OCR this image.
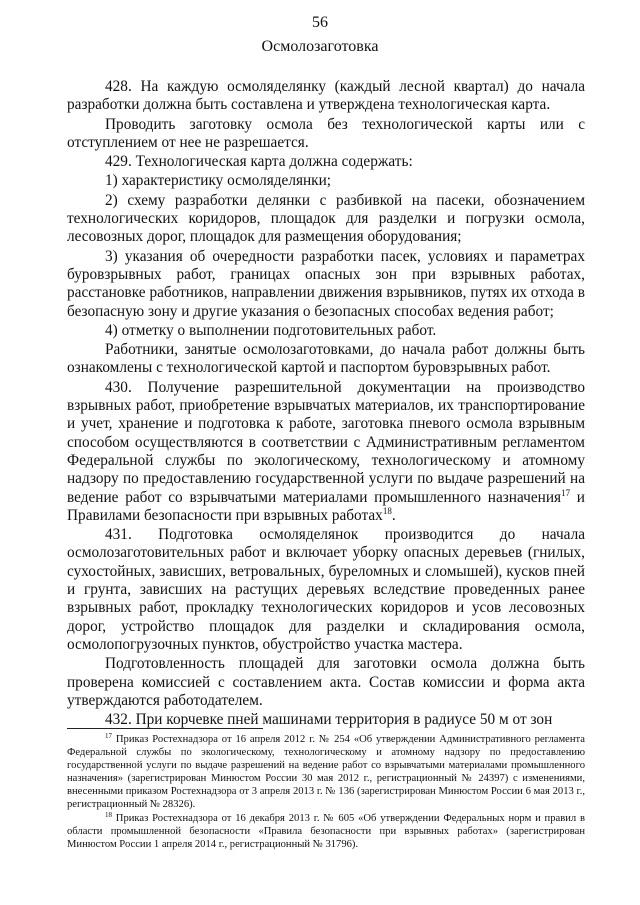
56
Осмолозаготовка

428. На каждую осмоляделянку (каждый лесной квартал) до начала разработки должна быть составлена и утверждена технологическая карта.

Проводить заготовку осмола без технологической карты или с отступлением от нее не разрешается.

429. Технологическая карта должна содержать:

1) характеристику осмоляделянки;

2) схему разработки делянки с разбивкой на пасеки, обозначением технологических коридоров, площадок для разделки и погрузки осмола, лесовозных дорог, площадок для размещения оборудования;

3) указания об очередности разработки пасек, условиях и параметрах буровзрывных работ, границах опасных зон при взрывных работах, расстановке работников, направлении движения взрывников, путях их отхода в безопасную зону и другие указания о безопасных способах ведения работ;

4) отметку о выполнении подготовительных работ.

Работники, занятые осмолозаготовками, до начала работ должны быть ознакомлены с технологической картой и паспортом буровзрывных работ.

430. Получение разрешительной документации на производство взрывных работ, приобретение взрывчатых материалов, их транспортирование и учет, хранение и подготовка к работе, заготовка пневого осмола взрывным способом осуществляются в соответствии с Административным регламентом Федеральной службы по экологическому, технологическому и атомному надзору по предоставлению государственной услуги по выдаче разрешений на ведение работ со взрывчатыми материалами промышленного назначения$^{17}$ и Правилами безопасности при взрывных работах$^{18}$.

431. Подготовка осмоляделянок производится до начала осмолозаготовительных работ и включает уборку опасных деревьев (гнилых, сухостойных, зависших, ветровальных, буреломных и сломышей), кусков пней и грунта, зависших на растущих деревьях вследствие проведенных ранее взрывных работ, прокладку технологических коридоров и усов лесовозных дорог, устройство площадок для разделки и складирования осмола, осмолопогрузочных пунктов, обустройство участка мастера.

Подготовленность площадей для заготовки осмола должна быть проверена комиссией с составлением акта. Состав комиссии и форма акта утверждаются работодателем.

432. При корчевке пней машинами территория в радиусе 50 м от зон

$^{17}$ Приказ Ростехнадзора от 16 апреля 2012 г. № 254 «Об утверждении Административного регламента Федеральной службы по экологическому, технологическому и атомному надзору по предоставлению государственной услуги по выдаче разрешений на ведение работ со взрывчатыми материалами промышленного назначения» (зарегистрирован Минюстом России 30 мая 2012 г., регистрационный № 24397) с изменениями, внесенными приказом Ростехнадзора от 3 апреля 2013 г. № 136 (зарегистрирован Минюстом России 6 мая 2013 г., регистрационный № 28326).

$^{18}$ Приказ Ростехнадзора от 16 декабря 2013 г. № 605 «Об утверждении Федеральных норм и правил в области промышленной безопасности «Правила безопасности при взрывных работах» (зарегистрирован Минюстом России 1 апреля 2014 г., регистрационный № 31796).
